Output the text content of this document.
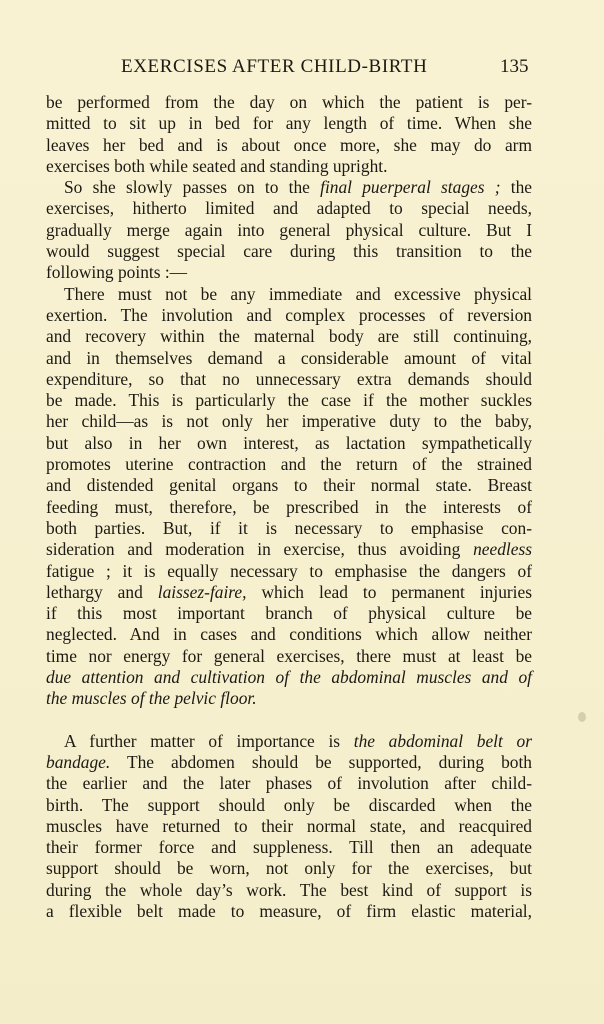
EXERCISES AFTER CHILD-BIRTH	135
be performed from the day on which the patient is per-
mitted to sit up in bed for any length of time. When she
leaves her bed and is about once more, she may do arm
exercises both while seated and standing upright.
So she slowly passes on to the final puerperal stages ; the
exercises, hitherto limited and adapted to special needs,
gradually merge again into general physical culture. But I
would suggest special care during this transition to the
following points :—
There must not be any immediate and excessive physical
exertion. The involution and complex processes of reversion
and recovery within the maternal body are still continuing,
and in themselves demand a considerable amount of vital
expenditure, so that no unnecessary extra demands should
be made. This is particularly the case if the mother suckles
her child—as is not only her imperative duty to the baby,
but also in her own interest, as lactation sympathetically
promotes uterine contraction and the return of the strained
and distended genital organs to their normal state. Breast
feeding must, therefore, be prescribed in the interests of
both parties. But, if it is necessary to emphasise con-
sideration and moderation in exercise, thus avoiding needless
fatigue ; it is equally necessary to emphasise the dangers of
lethargy and laissez-faire, which lead to permanent injuries
if this most important branch of physical culture be
neglected. And in cases and conditions which allow neither
time nor energy for general exercises, there must at least be
due attention and cultivation of the abdominal muscles and of
the muscles of the pelvic floor.
A further matter of importance is the abdominal belt or
bandage. The abdomen should be supported, during both
the earlier and the later phases of involution after child-
birth. The support should only be discarded when the
muscles have returned to their normal state, and reacquired
their former force and suppleness. Till then an adequate
support should be worn, not only for the exercises, but
during the whole day’s work. The best kind of support is
a flexible belt made to measure, of firm elastic material,
